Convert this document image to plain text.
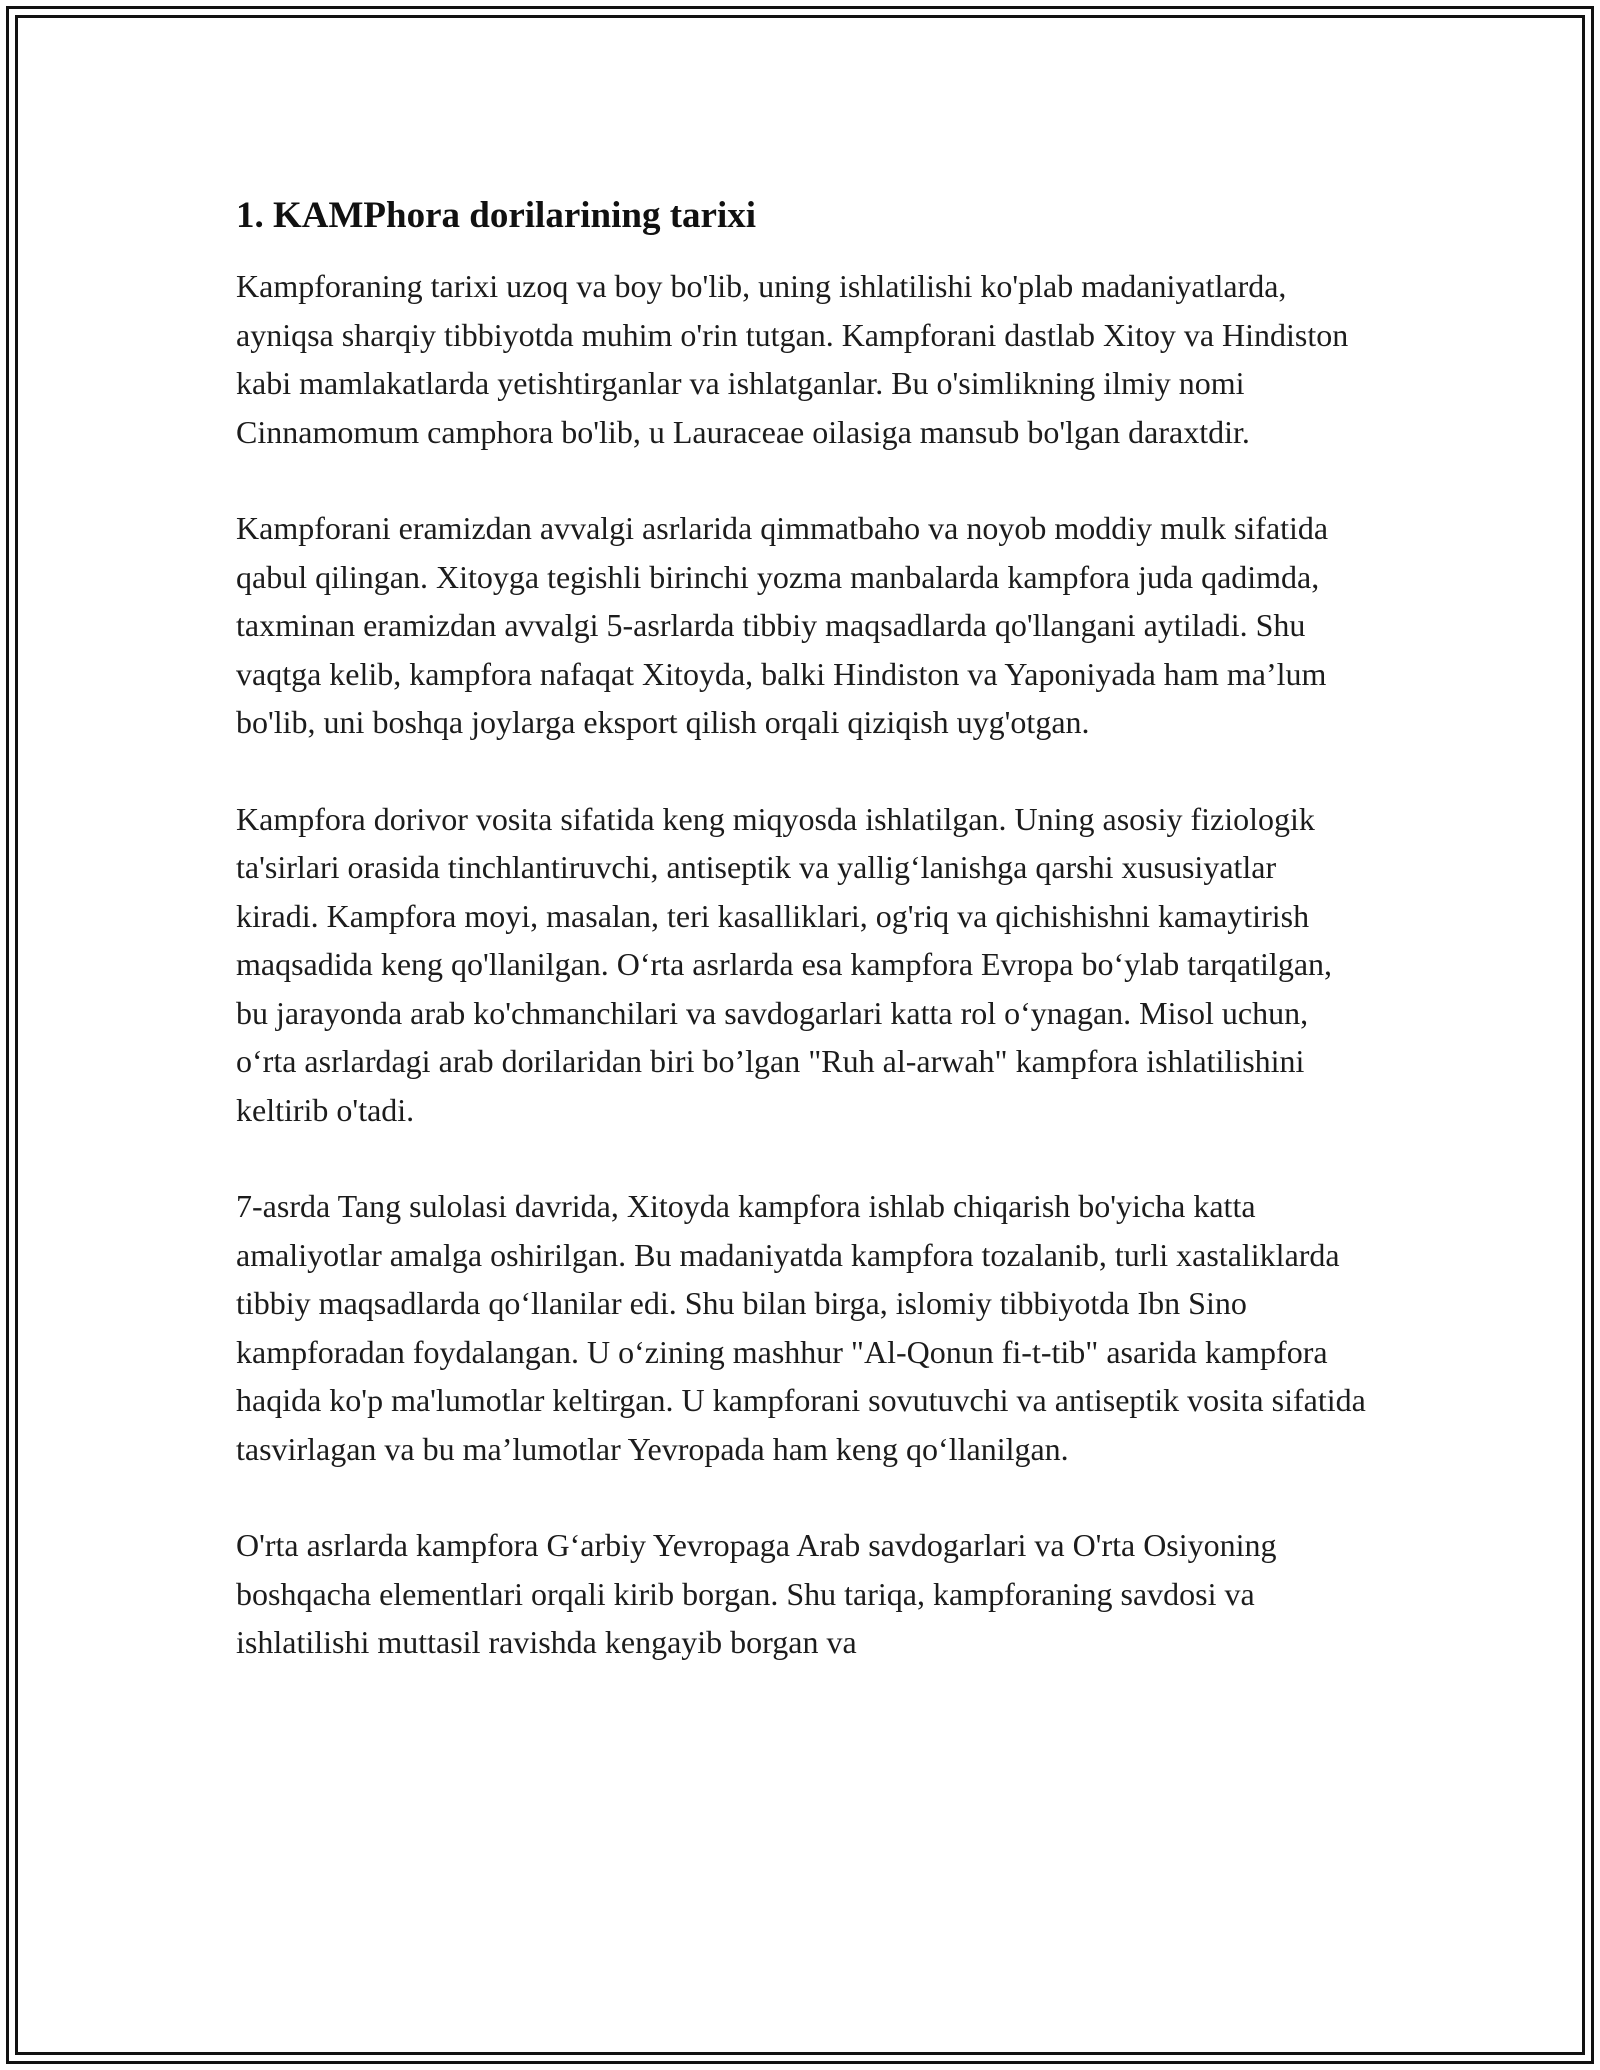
1. KAMPhora dorilarining tarixi

Kampforaning tarixi uzoq va boy bo'lib, uning ishlatilishi ko'plab madaniyatlarda, ayniqsa sharqiy tibbiyotda muhim o'rin tutgan. Kampforani dastlab Xitoy va Hindiston kabi mamlakatlarda yetishtirganlar va ishlatganlar. Bu o'simlikning ilmiy nomi Cinnamomum camphora bo'lib, u Lauraceae oilasiga mansub bo'lgan daraxtdir.

Kampforani eramizdan avvalgi asrlarida qimmatbaho va noyob moddiy mulk sifatida qabul qilingan. Xitoyga tegishli birinchi yozma manbalarda kampfora juda qadimda, taxminan eramizdan avvalgi 5-asrlarda tibbiy maqsadlarda qo'llangani aytiladi. Shu vaqtga kelib, kampfora nafaqat Xitoyda, balki Hindiston va Yaponiyada ham ma’lum bo'lib, uni boshqa joylarga eksport qilish orqali qiziqish uyg'otgan.

Kampfora dorivor vosita sifatida keng miqyosda ishlatilgan. Uning asosiy fiziologik ta'sirlari orasida tinchlantiruvchi, antiseptik va yallig‘lanishga qarshi xususiyatlar kiradi. Kampfora moyi, masalan, teri kasalliklari, og'riq va qichishishni kamaytirish maqsadida keng qo'llanilgan. O‘rta asrlarda esa kampfora Evropa bo‘ylab tarqatilgan, bu jarayonda arab ko'chmanchilari va savdogarlari katta rol o‘ynagan. Misol uchun, o‘rta asrlardagi arab dorilaridan biri bo’lgan "Ruh al-arwah" kampfora ishlatilishini keltirib o'tadi.

7-asrda Tang sulolasi davrida, Xitoyda kampfora ishlab chiqarish bo'yicha katta amaliyotlar amalga oshirilgan. Bu madaniyatda kampfora tozalanib, turli xastaliklarda tibbiy maqsadlarda qo‘llanilar edi. Shu bilan birga, islomiy tibbiyotda Ibn Sino kampforadan foydalangan. U o‘zining mashhur "Al-Qonun fi-t-tib" asarida kampfora haqida ko'p ma'lumotlar keltirgan. U kampforani sovutuvchi va antiseptik vosita sifatida tasvirlagan va bu ma’lumotlar Yevropada ham keng qo‘llanilgan.

O'rta asrlarda kampfora G‘arbiy Yevropaga Arab savdogarlari va O'rta Osiyoning boshqacha elementlari orqali kirib borgan. Shu tariqa, kampforaning savdosi va ishlatilishi muttasil ravishda kengayib borgan va
